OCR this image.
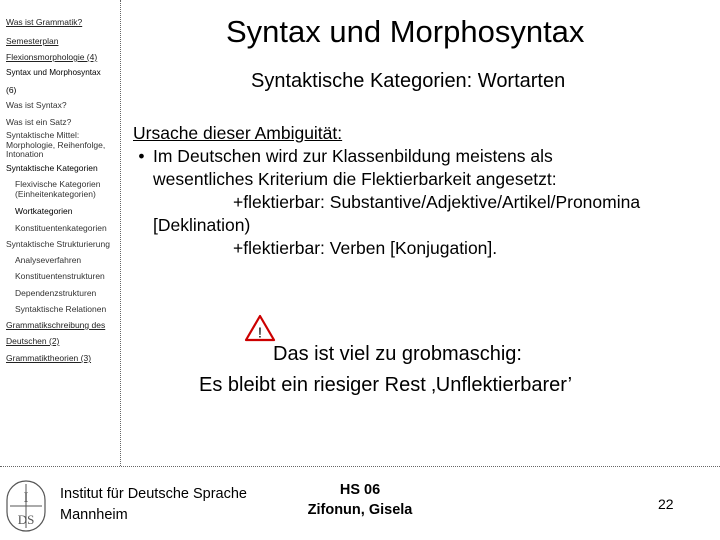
Was ist Grammatik?
Semesterplan
Flexionsmorphologie (4)
Syntax und Morphosyntax
(6)
Was ist Syntax?
Was ist ein Satz?
Syntaktische Mittel: Morphologie, Reihenfolge, Intonation
Syntaktische Kategorien
Flexivische Kategorien (Einheitenkategorien)
Wortkategorien
Konstituentenkategorien
Syntaktische Strukturierung
Analyseverfahren
Konstituentenstrukturen
Dependenzstrukturen
Syntaktische Relationen
Grammatikschreibung des
Deutschen (2)
Grammatiktheorien (3)
Syntax und Morphosyntax
Syntaktische Kategorien: Wortarten
Ursache dieser Ambiguität:
• Im Deutschen wird zur Klassenbildung meistens als
wesentliches Kriterium die Flektierbarkeit angesetzt:
+flektierbar: Substantive/Adjektive/Artikel/Pronomina
[Deklination)
+flektierbar: Verben [Konjugation].
!
Das ist viel zu grobmaschig:
Es bleibt ein riesiger Rest ‚Unflektierbarer’
I
DS
Institut für Deutsche Sprache
Mannheim
HS 06
Zifonun, Gisela	22
